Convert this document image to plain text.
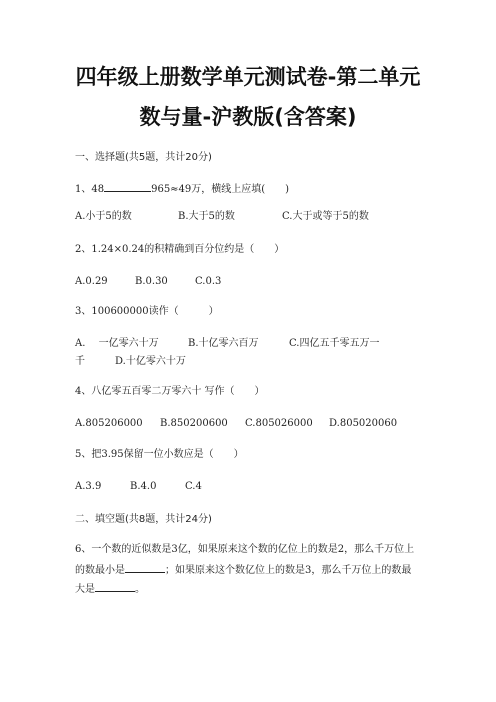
四年级上册数学单元测试卷-第二单元
数与量-沪教版(含答案)
一、选择题(共5题，共计20分)
1、48	965≈49万，横线上应填(　　)
A.小于5的数	B.大于5的数	C.大于或等于5的数
2、1.24×0.24的积精确到百分位约是（　　）
A.0.29	B.0.30	C.0.3
3、100600000读作（　　　）
A.　 一亿零六十万	B.十亿零六百万	C.四亿五千零五万一
千	D.十亿零六十万
4、八亿零五百零二万零六十 写作（　　）
A.805206000 B.850200600 C.805026000 D.805020060
5、把3.95保留一位小数应是（　　）
A.3.9	B.4.0	C.4
二、填空题(共8题，共计24分)
6、一个数的近似数是3亿，如果原来这个数的亿位上的数是2，那么千万位上
的数最小是	；如果原来这个数亿位上的数是3，那么千万位上的数最
大是	。
